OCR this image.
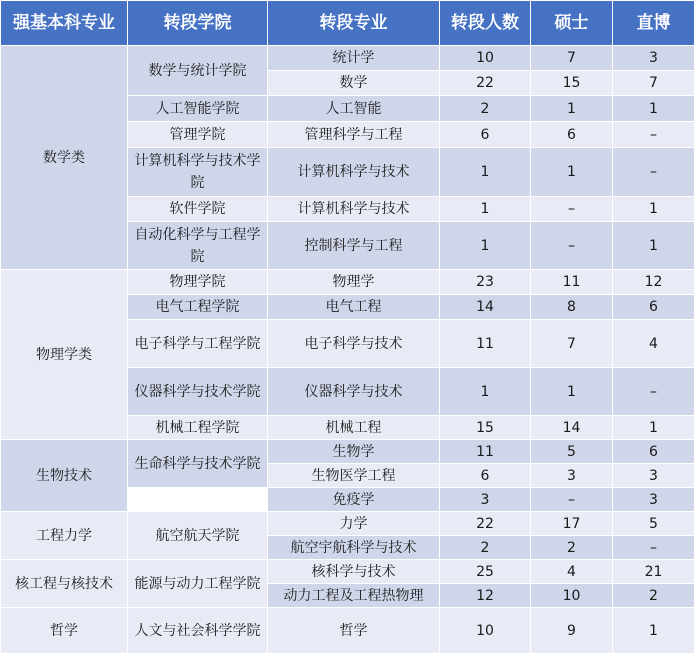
强基本科专业	转段学院	转段专业	转段人数	硕士	直博
数学类	数学与统计学院	统计学	10	7	3
		数学	22	15	7
	人工智能学院	人工智能	2	1	1
	管理学院	管理科学与工程	6	6	–
	计算机科学与技术学院	计算机科学与技术	1	1	–
	软件学院	计算机科学与技术	1	–	1
	自动化科学与工程学院	控制科学与工程	1	–	1
物理学类	物理学院	物理学	23	11	12
	电气工程学院	电气工程	14	8	6
	电子科学与工程学院	电子科学与技术	11	7	4
	仪器科学与技术学院	仪器科学与技术	1	1	–
	机械工程学院	机械工程	15	14	1
生物技术	生命科学与技术学院	生物学	11	5	6
		生物医学工程	6	3	3
		免疫学	3	–	3
工程力学	航空航天学院	力学	22	17	5
		航空宇航科学与技术	2	2	–
核工程与核技术	能源与动力工程学院	核科学与技术	25	4	21
		动力工程及工程热物理	12	10	2
哲学	人文与社会科学学院	哲学	10	9	1
